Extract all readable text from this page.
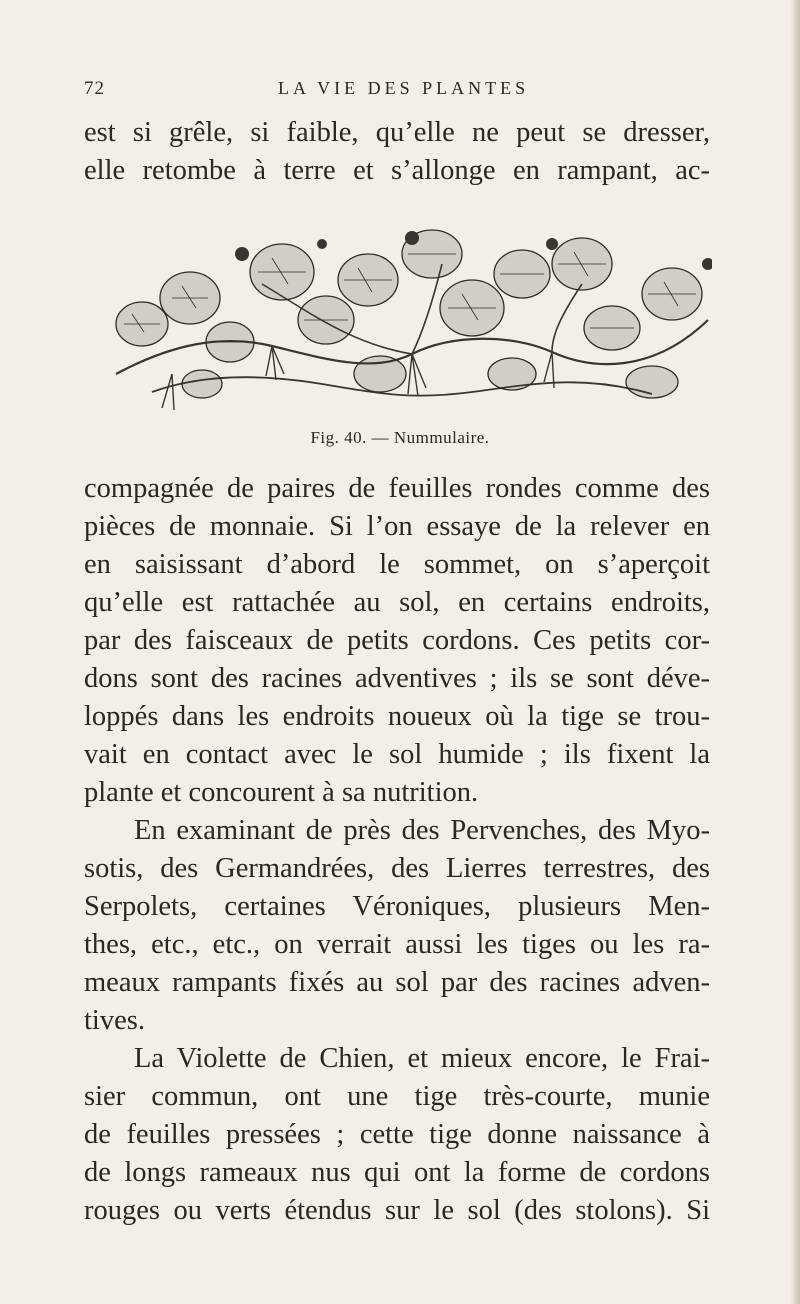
72	LA VIE DES PLANTES
est si grêle, si faible, qu’elle ne peut se dresser,
elle retombe à terre et s’allonge en rampant, ac-
Fig. 40. — Nummulaire.
compagnée de paires de feuilles rondes comme des
pièces de monnaie. Si l’on essaye de la relever en
en saisissant d’abord le sommet, on s’aperçoit
qu’elle est rattachée au sol, en certains endroits,
par des faisceaux de petits cordons. Ces petits cor-
dons sont des racines adventives ; ils se sont déve-
loppés dans les endroits noueux où la tige se trou-
vait en contact avec le sol humide ; ils fixent la
plante et concourent à sa nutrition.
En examinant de près des Pervenches, des Myo-
sotis, des Germandrées, des Lierres terrestres, des
Serpolets, certaines Véroniques, plusieurs Men-
thes, etc., etc., on verrait aussi les tiges ou les ra-
meaux rampants fixés au sol par des racines adven-
tives.
La Violette de Chien, et mieux encore, le Frai-
sier commun, ont une tige très-courte, munie
de feuilles pressées ; cette tige donne naissance à
de longs rameaux nus qui ont la forme de cordons
rouges ou verts étendus sur le sol (des stolons). Si
